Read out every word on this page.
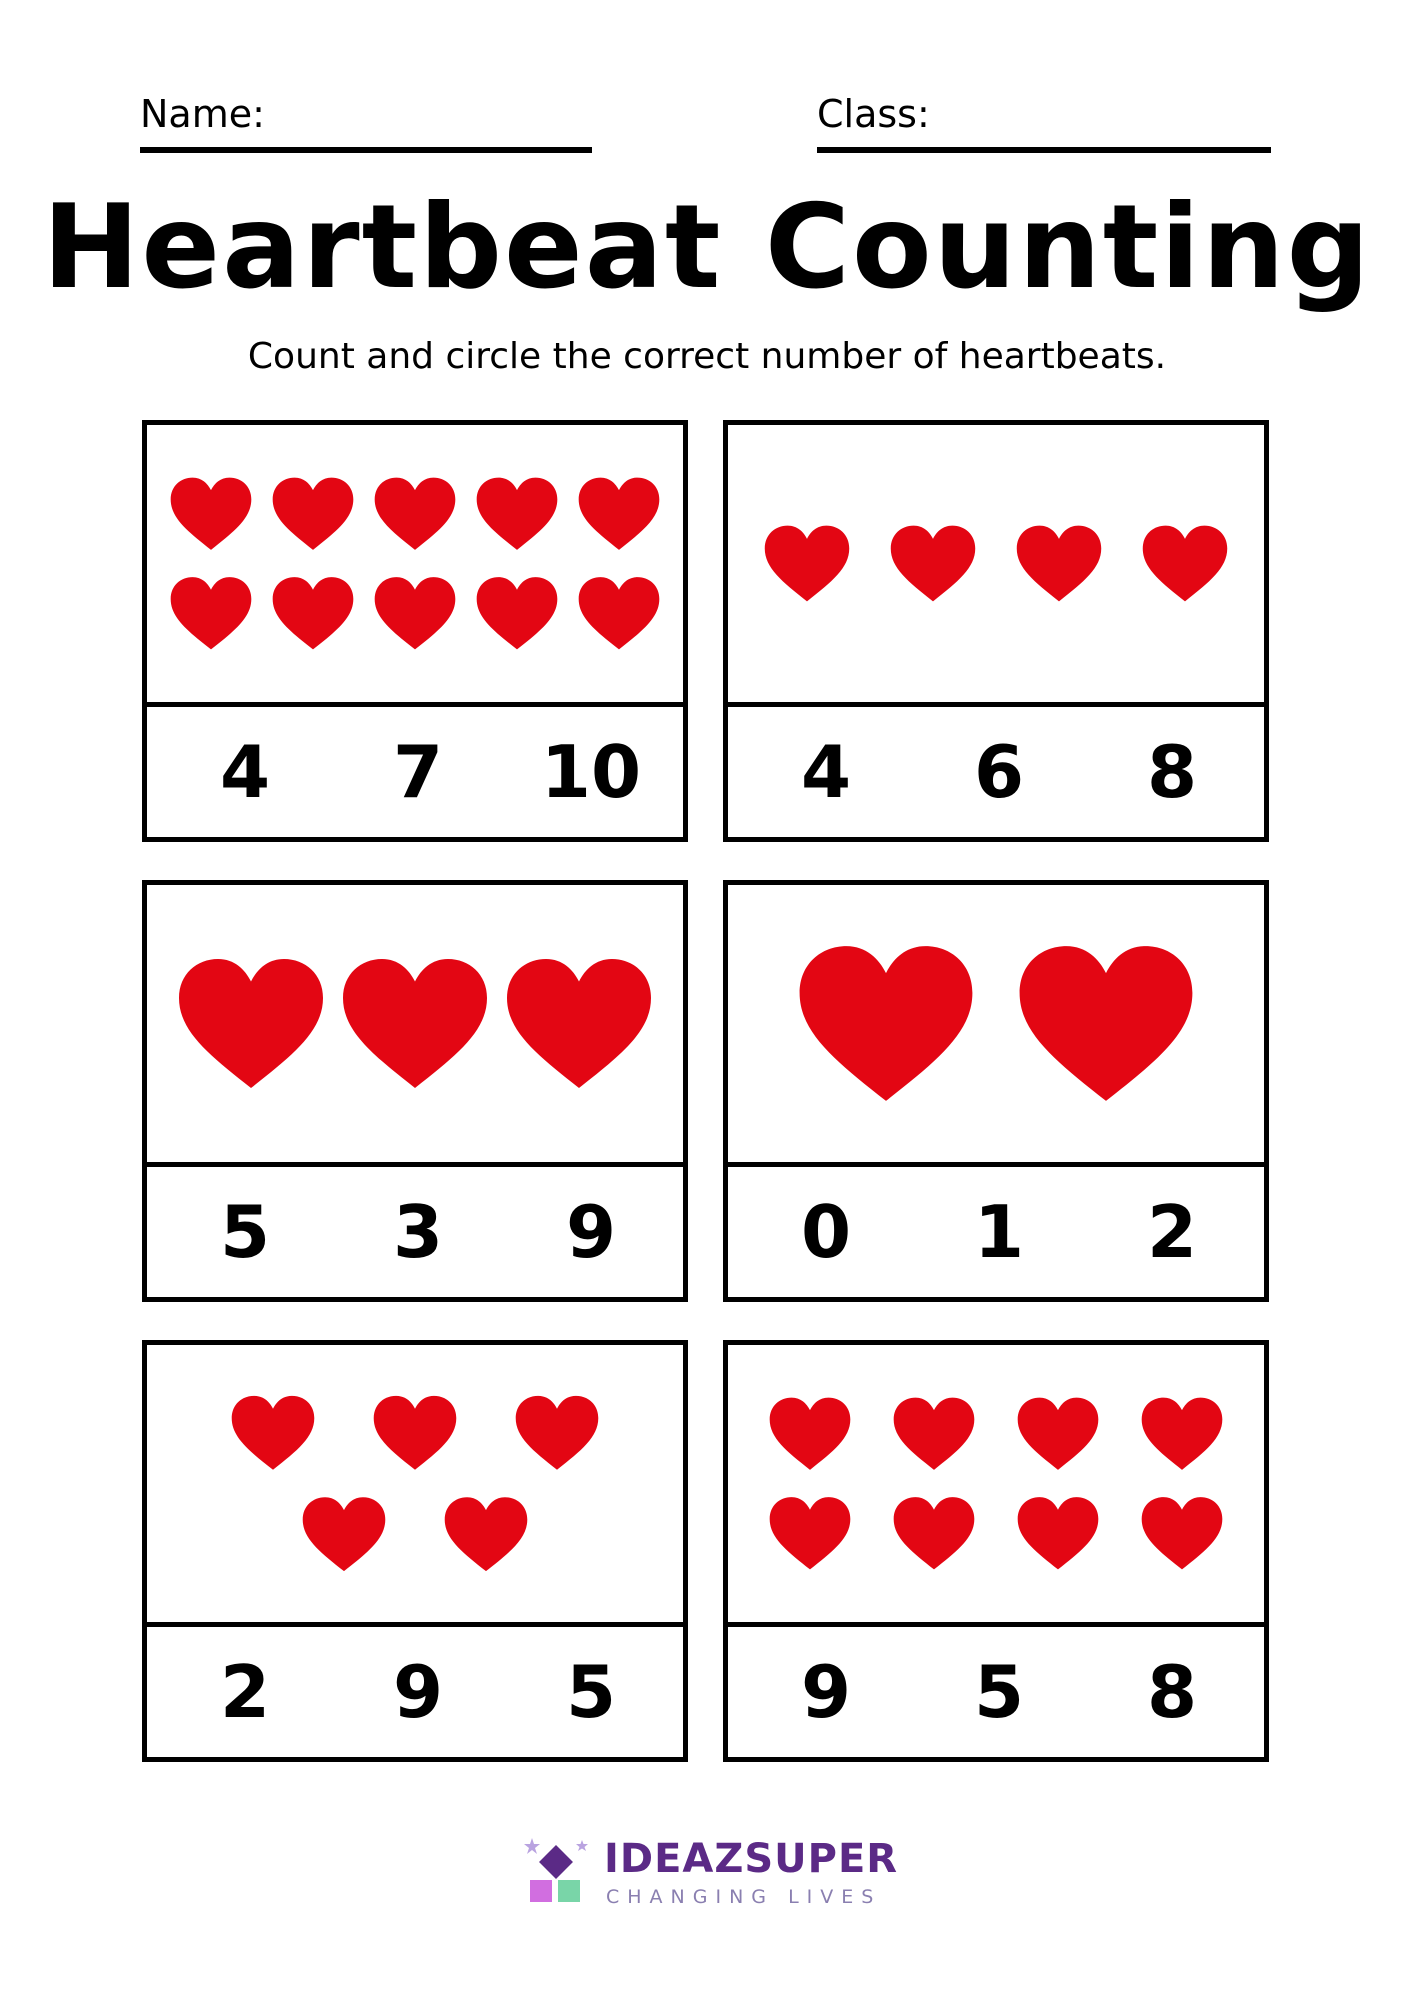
Name:	Class:
Heartbeat Counting
Count and circle the correct number of heartbeats.
4 7 10 4 6 8
5 3 9	0 1 2
2 9 5	9 5 8
IDEAZSUPER
CHANGING LIVES
